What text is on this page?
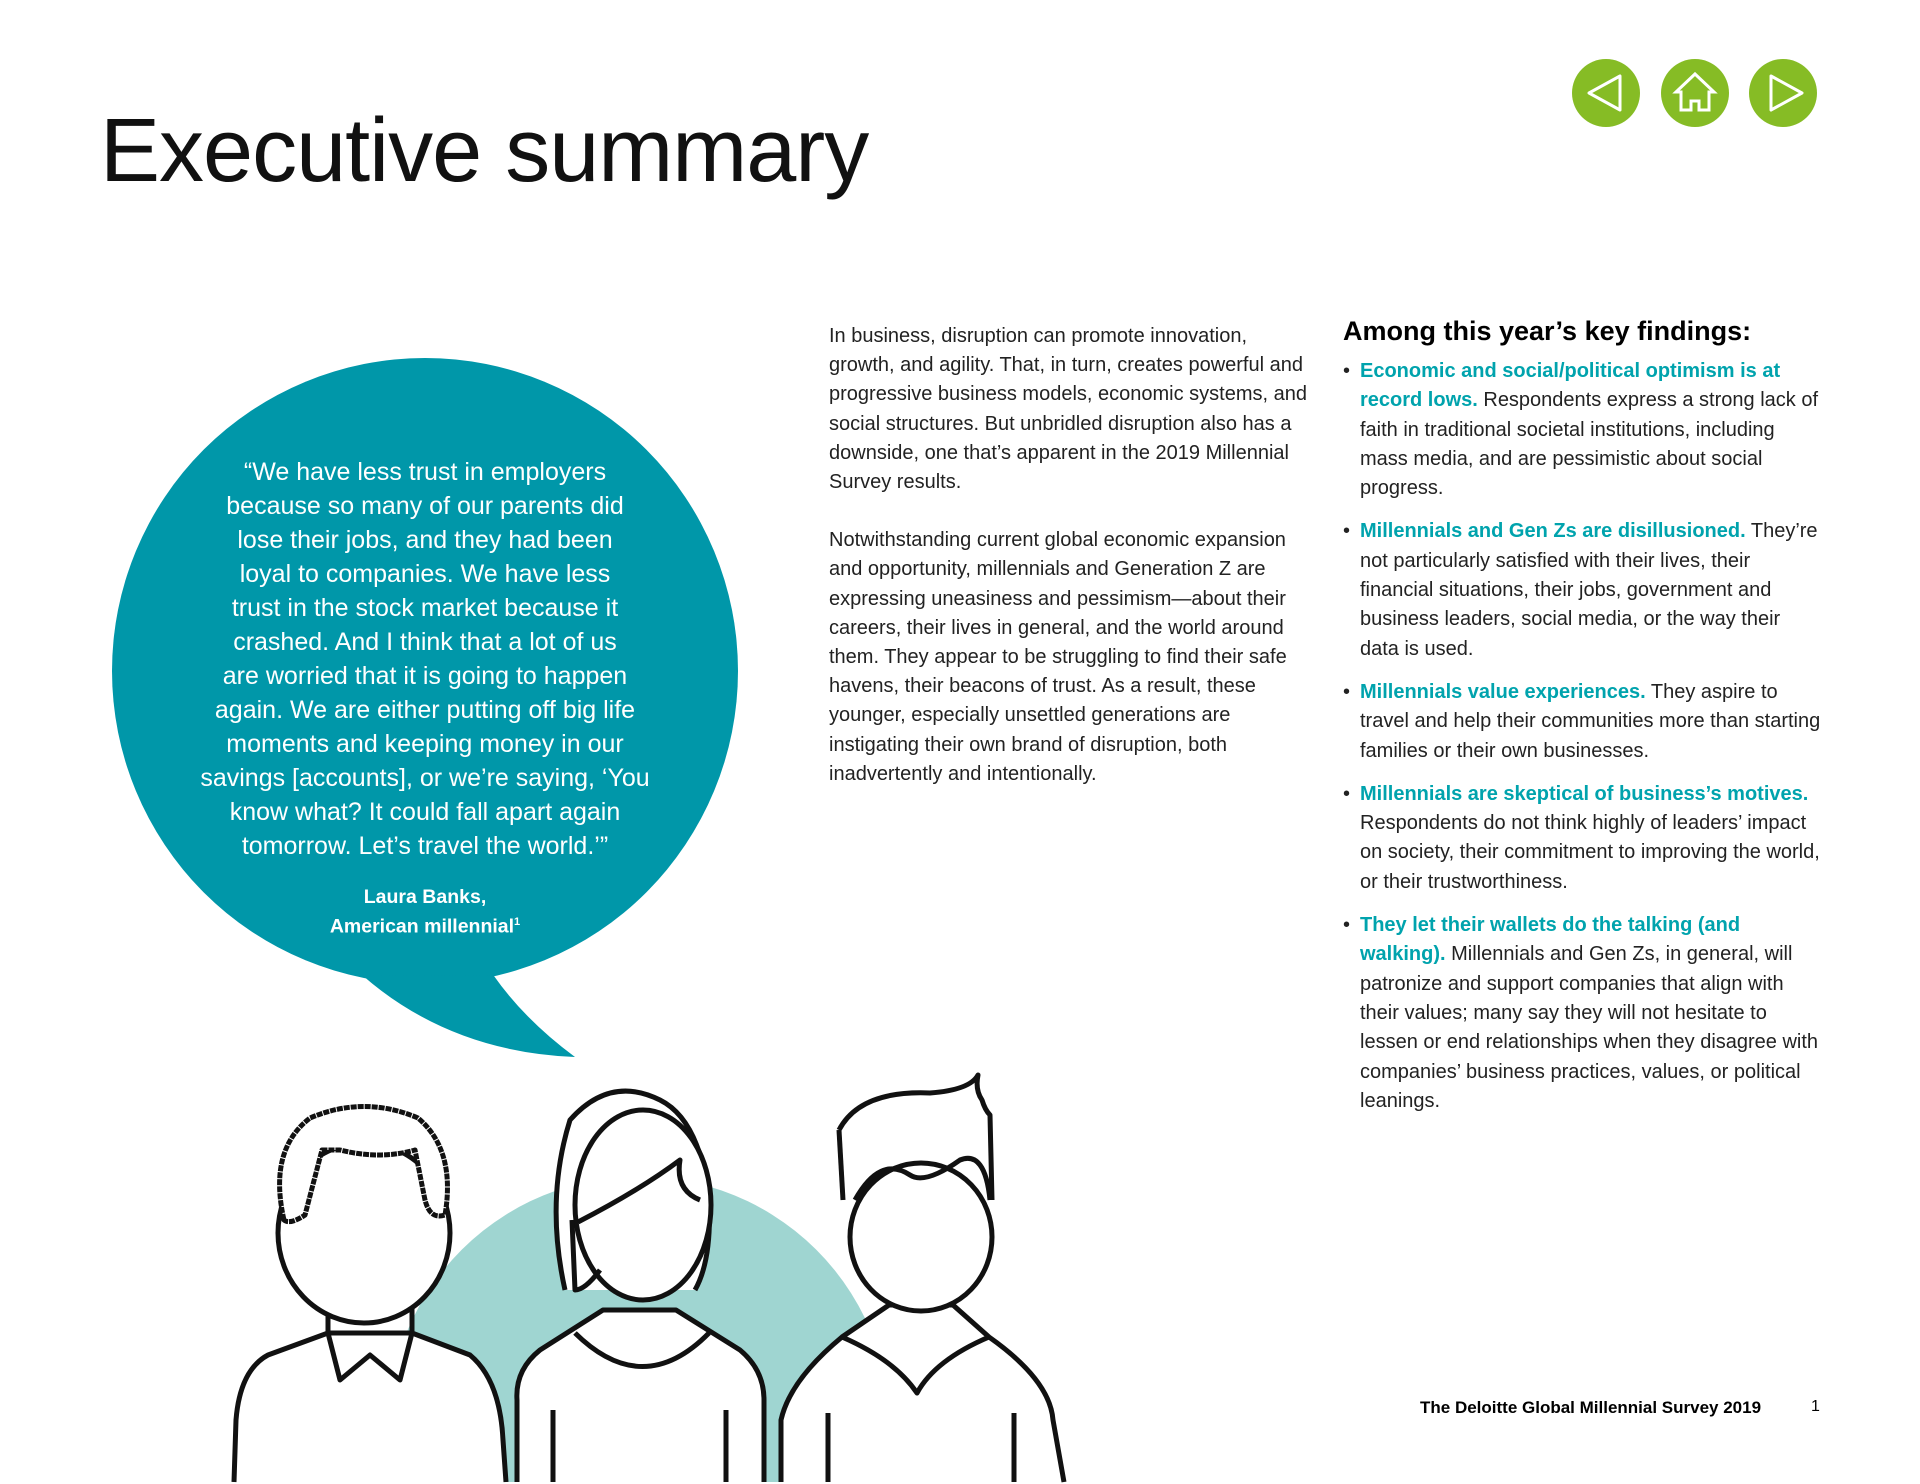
Executive summary
“We have less trust in employers
because so many of our parents did
lose their jobs, and they had been
loyal to companies. We have less
trust in the stock market because it
crashed. And I think that a lot of us
are worried that it is going to happen
again. We are either putting off big life
moments and keeping money in our
savings [accounts], or we’re saying, ‘You
know what? It could fall apart again
tomorrow. Let’s travel the world.’”
Laura Banks,
American millennial$^1$

In business, disruption can promote innovation, growth, and agility. That, in turn, creates powerful and progressive business models, economic systems, and social structures. But unbridled disruption also has a downside, one that’s apparent in the 2019 Millennial Survey results.

Notwithstanding current global economic expansion and opportunity, millennials and Generation Z are expressing uneasiness and pessimism—about their careers, their lives in general, and the world around them. They appear to be struggling to find their safe havens, their beacons of trust. As a result, these younger, especially unsettled generations are instigating their own brand of disruption, both inadvertently and intentionally.

Among this year’s key findings:
• Economic and social/political optimism is at record lows. Respondents express a strong lack of faith in traditional societal institutions, including mass media, and are pessimistic about social progress.
• Millennials and Gen Zs are disillusioned. They’re not particularly satisfied with their lives, their financial situations, their jobs, government and business leaders, social media, or the way their data is used.
• Millennials value experiences. They aspire to travel and help their communities more than starting families or their own businesses.
• Millennials are skeptical of business’s motives. Respondents do not think highly of leaders’ impact on society, their commitment to improving the world, or their trustworthiness.
• They let their wallets do the talking (and walking). Millennials and Gen Zs, in general, will patronize and support companies that align with their values; many say they will not hesitate to lessen or end relationships when they disagree with companies’ business practices, values, or political leanings.
The Deloitte Global Millennial Survey 2019	1
